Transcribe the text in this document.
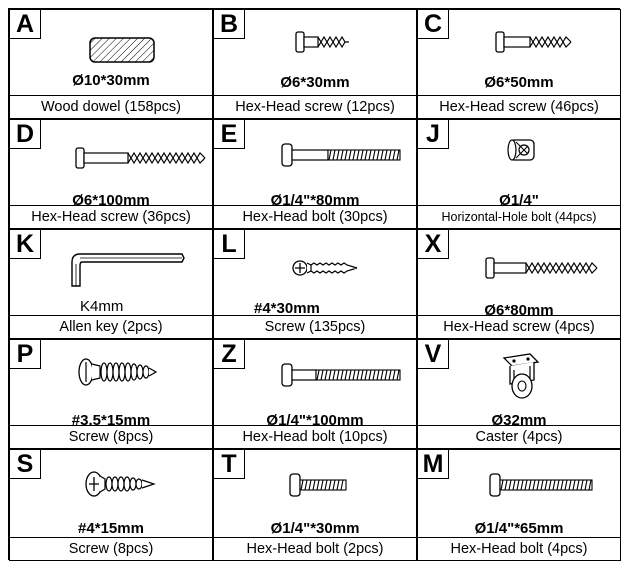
A
Ø10*30mm
Wood dowel (158pcs)
B
Ø6*30mm
Hex-Head screw (12pcs)
C
Ø6*50mm
Hex-Head screw (46pcs)
D
Ø6*100mm
Hex-Head screw (36pcs)
E
Ø1/4"*80mm
Hex-Head bolt (30pcs)
J
Ø1/4"
Horizontal-Hole bolt (44pcs)
K
K4mm
Allen key (2pcs)
L
#4*30mm
Screw (135pcs)
X
Ø6*80mm
Hex-Head screw (4pcs)
P
#3.5*15mm
Screw (8pcs)
Z
Ø1/4"*100mm
Hex-Head bolt (10pcs)
V
Ø32mm
Caster (4pcs)
S
#4*15mm
Screw (8pcs)
T
Ø1/4"*30mm
Hex-Head bolt (2pcs)
M
Ø1/4"*65mm
Hex-Head bolt (4pcs)
